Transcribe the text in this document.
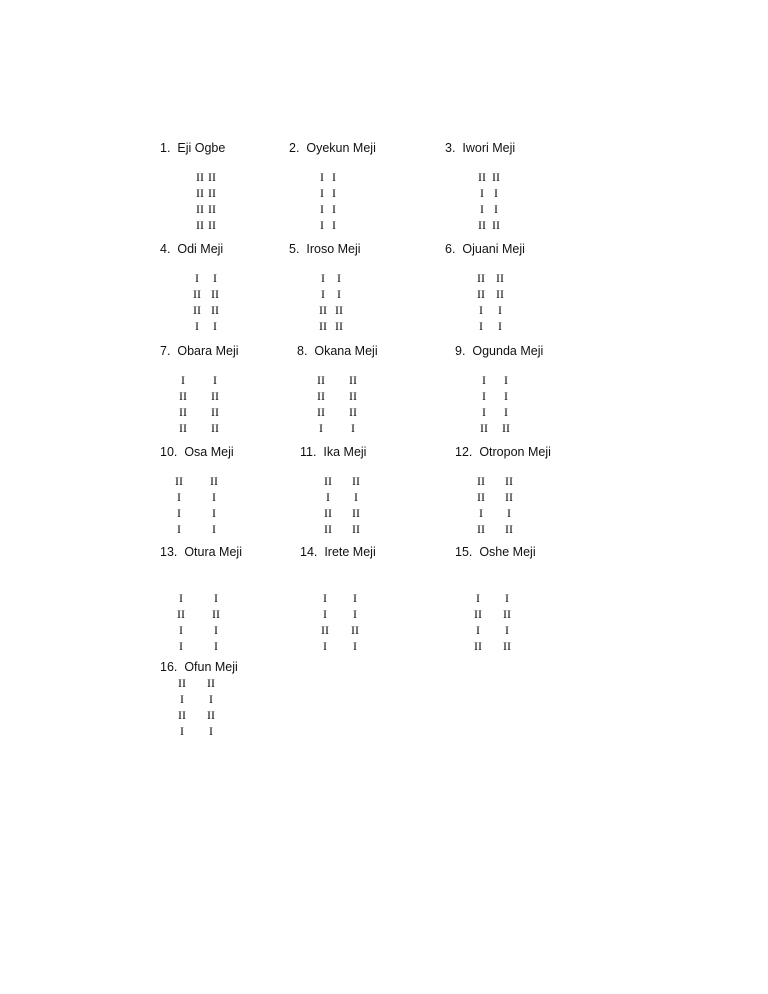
1.  Eji Ogbe
II II
II II
II II
II II
2.  Oyekun Meji
I I
I I
I I
I I
3.  Iwori Meji
II II
I I
I I
II II
4.  Odi Meji
I	I
II II
II II
I	I
5.  Iroso Meji
I	I
I	I
II II
II II
6.  Ojuani Meji
II II
II II
I	I
I	I
7.  Obara Meji
I	I
II	II
II	II
II	II
8.  Okana Meji
II	II
II	II
II	II
I	I
9.  Ogunda Meji
I	I
I	I
I	I
II	II
10.  Osa Meji
II	II
I	I
I	I
I	I
11.  Ika Meji
II	II
I	I
II	II
II	II
12.  Otropon Meji
II	II
II	II
I	I
II	II
13.  Otura Meji
I	I
II	II
I	I
I	I
14.  Irete Meji
I	I
I	I
II	II
I	I
15.  Oshe Meji
I	I
II	II
I	I
II	II
16.  Ofun Meji
II	II
I	I
II	II
I	I
